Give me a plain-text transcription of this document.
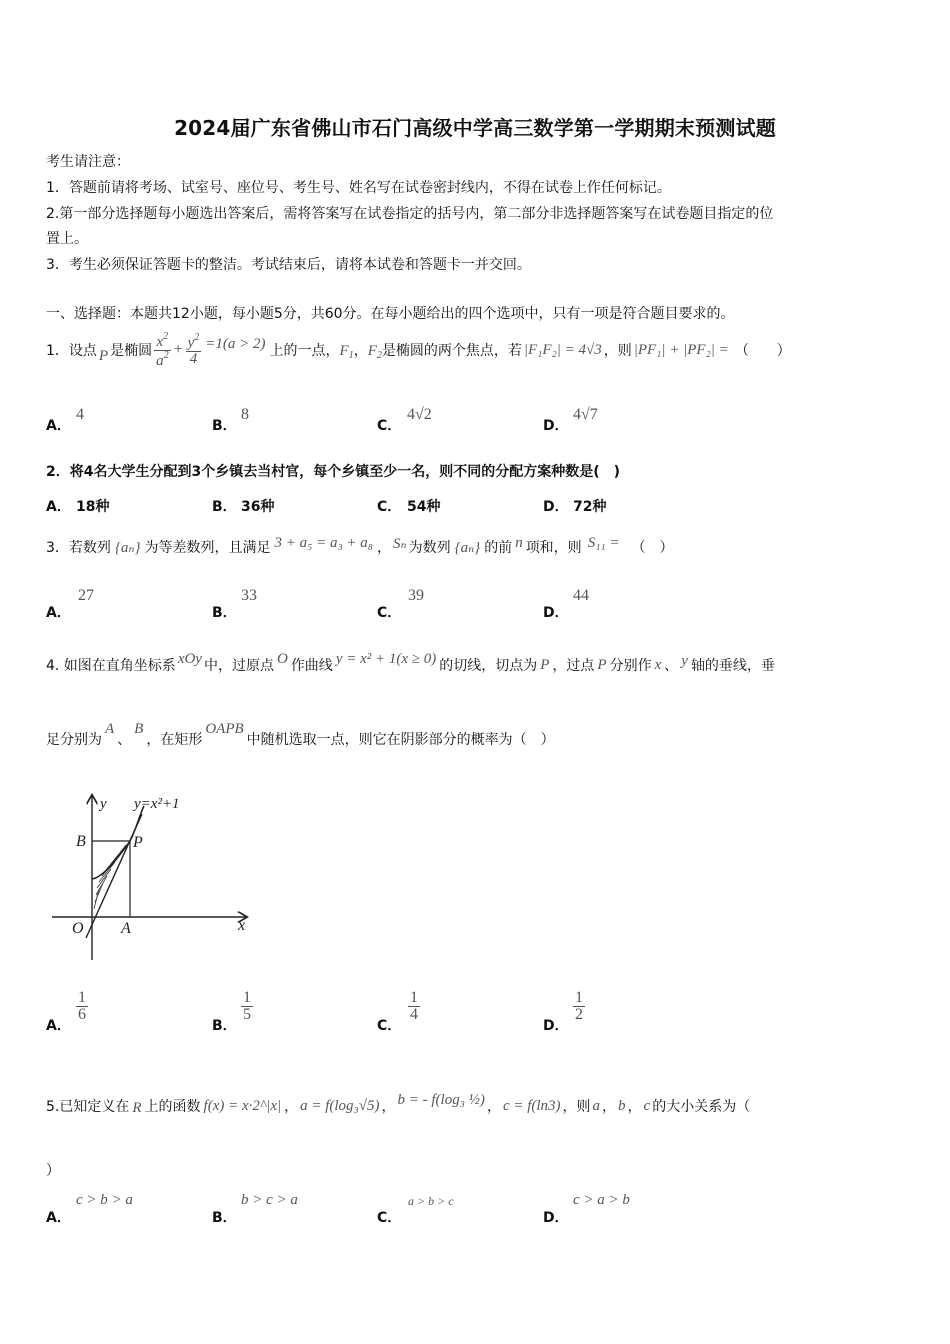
2024届广东省佛山市石门高级中学高三数学第一学期期末预测试题
考生请注意：
1．答题前请将考场、试室号、座位号、考生号、姓名写在试卷密封线内，不得在试卷上作任何标记。
2.第一部分选择题每小题选出答案后，需将答案写在试卷指定的括号内，第二部分非选择题答案写在试卷题目指定的位
置上。
3．考生必须保证答题卡的整洁。考试结束后，请将本试卷和答题卡一并交回。
一、选择题：本题共12小题，每小题5分，共60分。在每小题给出的四个选项中，只有一项是符合题目要求的。
1．设点 P 是椭圆 $\frac{x^2}{a^2} + \frac{y^2}{4} =1(a > 2)$ 上的一点， $F_1$ ， $F_2$ 是椭圆的两个焦点，若 |F₁F₂| = 4√3 ，则 |PF₁| + |PF₂| = （　　）
A．
4
B．
8
C．
4√2
D．
4√7
2．将4名大学生分配到3个乡镇去当村官，每个乡镇至少一名，则不同的分配方案种数是(　)
A． 18种	B． 36种	C． 54种	D． 72种
3．若数列 {aₙ} 为等差数列，且满足 3 + a₅ = a₃ + a₈ ， Sₙ 为数列 {aₙ} 的前 n 项和，则 S₁₁ = （　）
A．
27
B．
33
C．
39
D．
44
4. 如图在直角坐标系 xOy 中，过原点 O 作曲线 y = x² + 1(x ≥ 0) 的切线，切点为 P ，过点 P 分别作 x 、 y 轴的垂线，垂
足分别为
A
、
B
，在矩形
OAPB
中随机选取一点，则它在阴影部分的概率为（　）
y y=x²+1
B	P
O A	x
A．
$\frac{1}{6}$
B．
$\frac{1}{5}$
C．
$\frac{1}{4}$
D．
$\frac{1}{2}$
5.已知定义在 R 上的函数 f(x) = x·2^|x| ， a = f(log₃√5) ， b = - f(log₃ ½) ， c = f(ln3) ，则 a ， b ， c 的大小关系为（
）
A．
c > b > a
B．
b > c > a
C．
a > b > c
D．
c > a > b
